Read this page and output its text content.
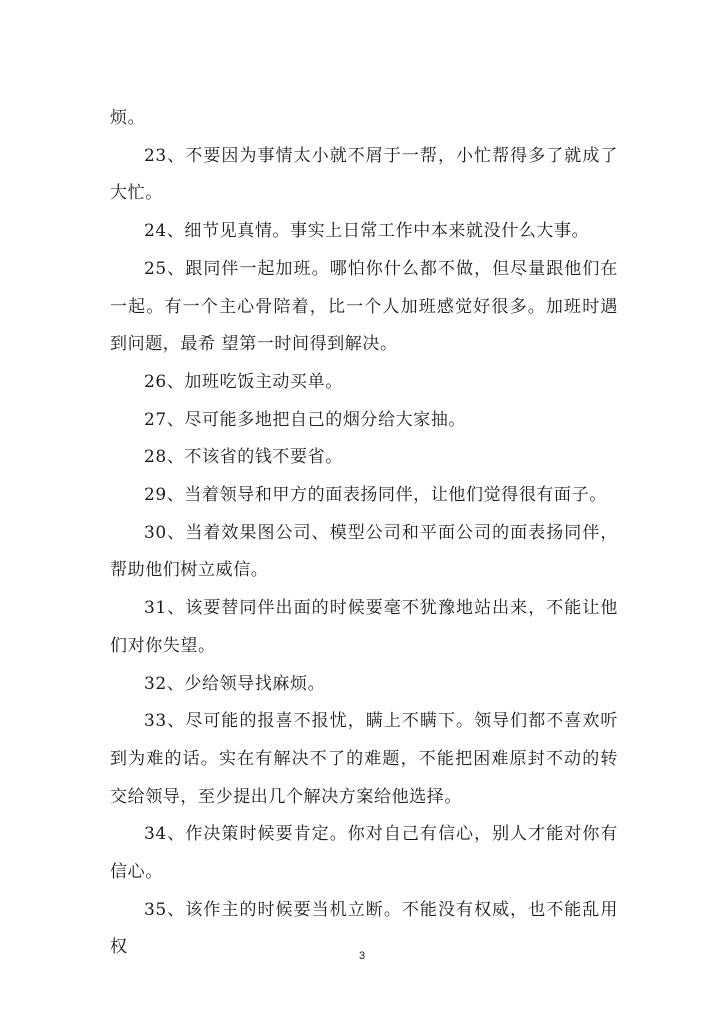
烦。

23、不要因为事情太小就不屑于一帮，小忙帮得多了就成了大忙。

24、细节见真情。事实上日常工作中本来就没什么大事。

25、跟同伴一起加班。哪怕你什么都不做，但尽量跟他们在一起。有一个主心骨陪着，比一个人加班感觉好很多。加班时遇到问题，最希 望第一时间得到解决。

26、加班吃饭主动买单。

27、尽可能多地把自己的烟分给大家抽。

28、不该省的钱不要省。

29、当着领导和甲方的面表扬同伴，让他们觉得很有面子。

30、当着效果图公司、模型公司和平面公司的面表扬同伴，帮助他们树立威信。

31、该要替同伴出面的时候要毫不犹豫地站出来，不能让他们对你失望。

32、少给领导找麻烦。

33、尽可能的报喜不报忧，瞒上不瞒下。领导们都不喜欢听到为难的话。实在有解决不了的难题，不能把困难原封不动的转交给领导，至少提出几个解决方案给他选择。

34、作决策时候要肯定。你对自己有信心，别人才能对你有信心。

35、该作主的时候要当机立断。不能没有权威，也不能乱用权	3
